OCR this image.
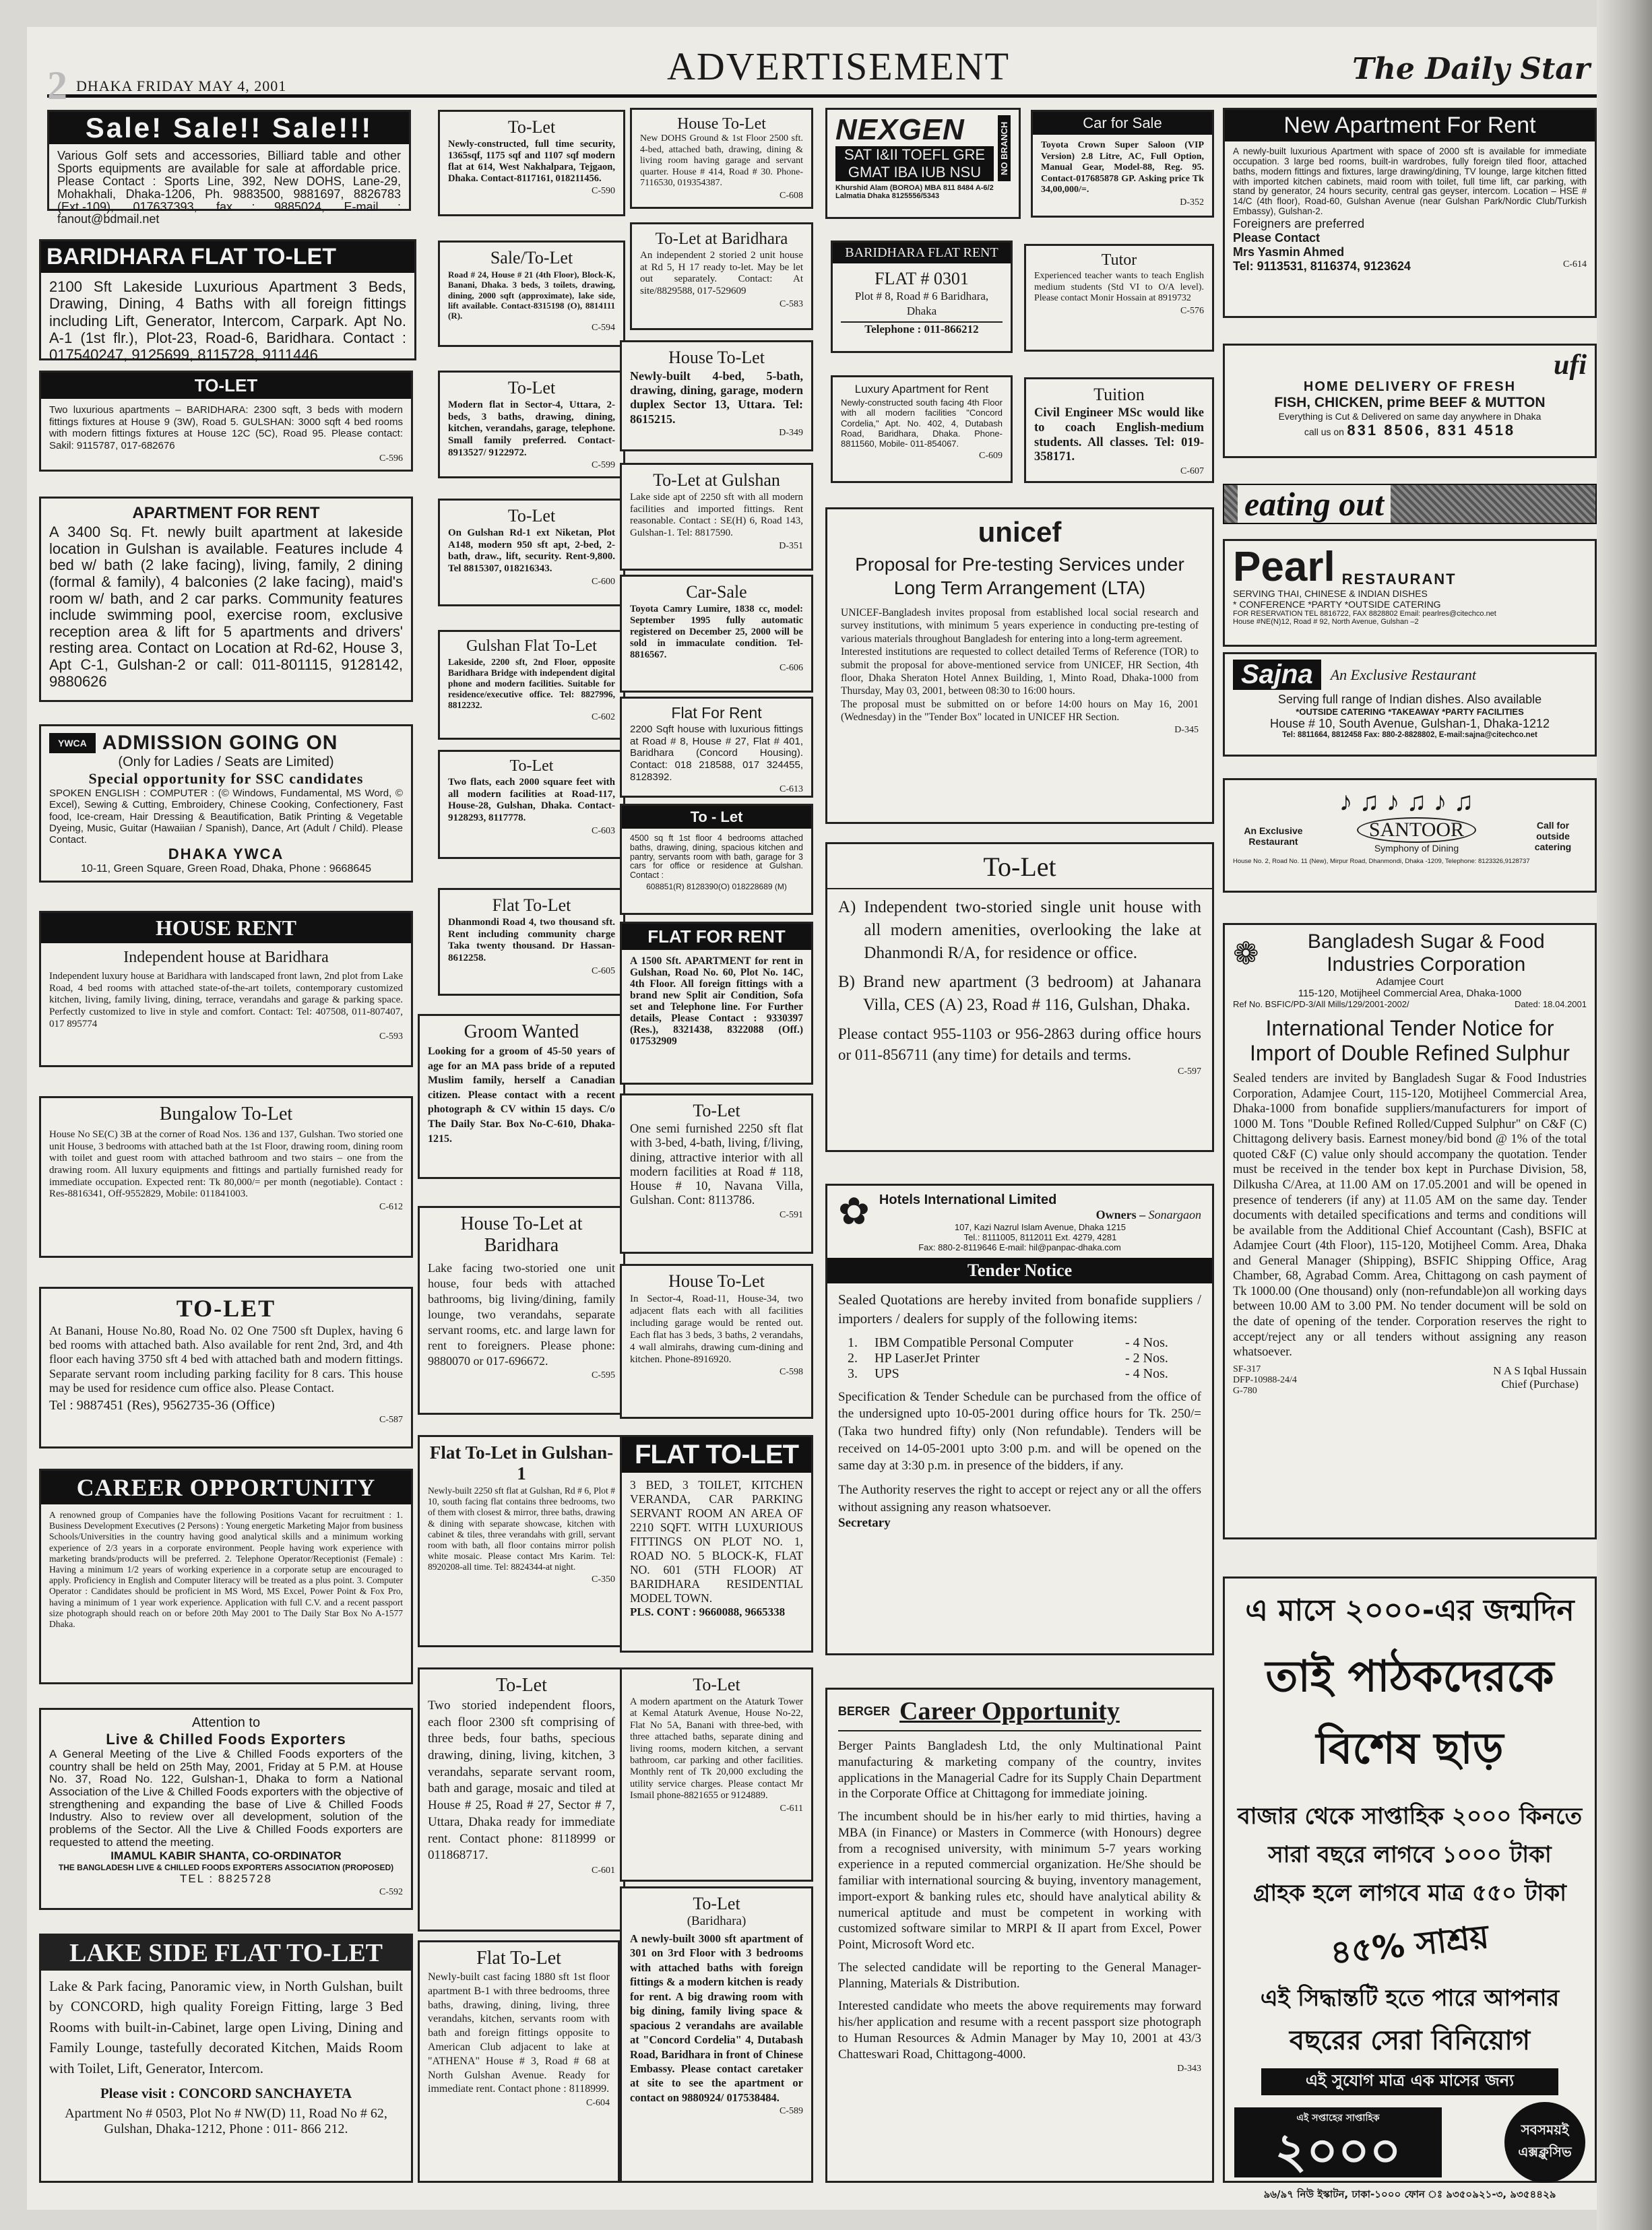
2 DHAKA FRIDAY MAY 4, 2001	ADVERTISEMENT	The Daily Star
Sale! Sale!! Sale!!!
Various Golf sets and accessories, Billiard table and other Sports equipments are available for sale at affordable price. Please Contact : Sports Line, 392, New DOHS, Lane-29, Mohakhali, Dhaka-1206, Ph. 9883500, 9881697, 8826783 (Ext.-109), 017637393, fax : 9885024, E-mail : fanout@bdmail.net
BARIDHARA FLAT TO-LET
2100 Sft Lakeside Luxurious Apartment 3 Beds, Drawing, Dining, 4 Baths with all foreign fittings including Lift, Generator, Intercom, Carpark. Apt No. A-1 (1st flr.), Plot-23, Road-6, Baridhara. Contact : 017540247, 9125699, 8115728, 9111446
TO-LET
Two luxurious apartments – BARIDHARA: 2300 sqft, 3 beds with modern fittings fixtures at House 9 (3W), Road 5. GULSHAN: 3000 sqft 4 bed rooms with modern fittings fixtures at House 12C (5C), Road 95. Please contact: Sakil: 9115787, 017-682676
C-596
APARTMENT FOR RENT
A 3400 Sq. Ft. newly built apartment at lakeside location in Gulshan is available. Features include 4 bed w/ bath (2 lake facing), living, family, 2 dining (formal & family), 4 balconies (2 lake facing), maid's room w/ bath, and 2 car parks. Community features include swimming pool, exercise room, exclusive reception area & lift for 5 apartments and drivers' resting area. Contact on Location at Rd-62, House 3, Apt C-1, Gulshan-2 or call: 011-801115, 9128142, 9880626
YWCA ADMISSION GOING ON
(Only for Ladies / Seats are Limited)
Special opportunity for SSC candidates
SPOKEN ENGLISH : COMPUTER : (© Windows, Fundamental, MS Word, © Excel), Sewing & Cutting, Embroidery, Chinese Cooking, Confectionery, Fast food, Ice-cream, Hair Dressing & Beautification, Batik Printing & Vegetable Dyeing, Music, Guitar (Hawaiian / Spanish), Dance, Art (Adult / Child). Please Contact.
DHAKA YWCA
10-11, Green Square, Green Road, Dhaka, Phone : 9668645
HOUSE RENT
Independent house at Baridhara
Independent luxury house at Baridhara with landscaped front lawn, 2nd plot from Lake Road, 4 bed rooms with attached state-of-the-art toilets, contemporary customized kitchen, living, family living, dining, terrace, verandahs and garage & parking space. Perfectly customized to live in style and comfort. Contact: Tel: 407508, 011-807407, 017 895774
C-593
Bungalow To-Let
House No SE(C) 3B at the corner of Road Nos. 136 and 137, Gulshan. Two storied one unit House, 3 bedrooms with attached bath at the 1st Floor, drawing room, dining room with toilet and guest room with attached bathroom and two stairs – one from the drawing room. All luxury equipments and fittings and partially furnished ready for immediate occupation. Expected rent: Tk 80,000/= per month (negotiable). Contact : Res-8816341, Off-9552829, Mobile: 011841003.
C-612
TO-LET
At Banani, House No.80, Road No. 02 One 7500 sft Duplex, having 6 bed rooms with attached bath. Also available for rent 2nd, 3rd, and 4th floor each having 3750 sft 4 bed with attached bath and modern fittings. Separate servant room including parking facility for 8 cars. This house may be used for residence cum office also. Please Contact.
Tel : 9887451 (Res), 9562735-36 (Office)
C-587
CAREER OPPORTUNITY
A renowned group of Companies have the following Positions Vacant for recruitment : 1. Business Development Executives (2 Persons) : Young energetic Marketing Major from business Schools/Universities in the country having good analytical skills and a minimum working experience of 2/3 years in a corporate environment. People having work experience with marketing brands/products will be preferred. 2. Telephone Operator/Receptionist (Female) : Having a minimum 1/2 years of working experience in a corporate setup are encouraged to apply. Proficiency in English and Computer literacy will be treated as a plus point. 3. Computer Operator : Candidates should be proficient in MS Word, MS Excel, Power Point & Fox Pro, having a minimum of 1 year work experience. Application with full C.V. and a recent passport size photograph should reach on or before 20th May 2001 to The Daily Star Box No A-1577 Dhaka.
Attention to
Live & Chilled Foods Exporters
A General Meeting of the Live & Chilled Foods exporters of the country shall be held on 25th May, 2001, Friday at 5 P.M. at House No. 37, Road No. 122, Gulshan-1, Dhaka to form a National Association of the Live & Chilled Foods exporters with the objective of strengthening and expanding the base of Live & Chilled Foods Industry. Also to review over all development, solution of the problems of the Sector. All the Live & Chilled Foods exporters are requested to attend the meeting.
IMAMUL KABIR SHANTA, CO-ORDINATOR
THE BANGLADESH LIVE & CHILLED FOODS EXPORTERS ASSOCIATION (PROPOSED)
TEL : 8825728
C-592
LAKE SIDE FLAT TO-LET
Lake & Park facing, Panoramic view, in North Gulshan, built by CONCORD, high quality Foreign Fitting, large 3 Bed Rooms with built-in-Cabinet, large open Living, Dining and Family Lounge, tastefully decorated Kitchen, Maids Room with Toilet, Lift, Generator, Intercom.
Please visit : CONCORD SANCHAYETA
Apartment No # 0503, Plot No # NW(D) 11, Road No # 62, Gulshan, Dhaka-1212, Phone : 011- 866 212.
To-Let
Newly-constructed, full time security, 1365sqf, 1175 sqf and 1107 sqf modern flat at 614, West Nakhalpara, Tejgaon, Dhaka. Contact-8117161, 018211456.
C-590
Sale/To-Let
Road # 24, House # 21 (4th Floor), Block-K, Banani, Dhaka. 3 beds, 3 toilets, drawing, dining, 2000 sqft (approximate), lake side, lift available. Contact-8315198 (O), 8814111 (R).
C-594
To-Let
Modern flat in Sector-4, Uttara, 2-beds, 3 baths, drawing, dining, kitchen, verandahs, garage, telephone. Small family preferred. Contact-8913527/ 9122972.
C-599
To-Let
On Gulshan Rd-1 ext Niketan, Plot A148, modern 950 sft apt, 2-bed, 2-bath, draw., lift, security. Rent-9,800. Tel 8815307, 018216343.
C-600
Gulshan Flat To-Let
Lakeside, 2200 sft, 2nd Floor, opposite Baridhara Bridge with independent digital phone and modern facilities. Suitable for residence/executive office. Tel: 8827996, 8812232.
C-602
To-Let
Two flats, each 2000 square feet with all modern facilities at Road-117, House-28, Gulshan, Dhaka. Contact-9128293, 8117778.
C-603
Flat To-Let
Dhanmondi Road 4, two thousand sft. Rent including community charge Taka twenty thousand. Dr Hassan-8612258.
C-605
Groom Wanted
Looking for a groom of 45-50 years of age for an MA pass bride of a reputed Muslim family, herself a Canadian citizen. Please contact with a recent photograph & CV within 15 days. C/o The Daily Star. Box No-C-610, Dhaka-1215.
House To-Let at Baridhara
Lake facing two-storied one unit house, four beds with attached bathrooms, big living/dining, family lounge, two verandahs, separate servant rooms, etc. and large lawn for rent to foreigners. Please phone: 9880070 or 017-696672.
C-595
Flat To-Let in Gulshan-1
Newly-built 2250 sft flat at Gulshan, Rd # 6, Plot # 10, south facing flat contains three bedrooms, two of them with closest & mirror, three baths, drawing & dining with separate showcase, kitchen with cabinet & tiles, three verandahs with grill, servant room with bath, all floor contains mirror polish white mosaic. Please contact Mrs Karim. Tel: 8920208-all time. Tel: 8824344-at night.
C-350
To-Let
Two storied independent floors, each floor 2300 sft comprising of three beds, four baths, specious drawing, dining, living, kitchen, 3 verandahs, separate servant room, bath and garage, mosaic and tiled at House # 25, Road # 27, Sector # 7, Uttara, Dhaka ready for immediate rent. Contact phone: 8118999 or 011868717.
C-601
Flat To-Let
Newly-built cast facing 1880 sft 1st floor apartment B-1 with three bedrooms, three baths, drawing, dining, living, three verandahs, kitchen, servants room with bath and foreign fittings opposite to American Club adjacent to lake at "ATHENA" House # 3, Road # 68 at North Gulshan Avenue. Ready for immediate rent. Contact phone : 8118999.
C-604
House To-Let
New DOHS Ground & 1st Floor 2500 sft. 4-bed, attached bath, drawing, dining & living room having garage and servant quarter. House # 414, Road # 30. Phone-7116530, 019354387.
C-608
To-Let at Baridhara
An independent 2 storied 2 unit house at Rd 5, H 17 ready to-let. May be let out separately. Contact: At site/8829588, 017-529609
C-583
House To-Let
Newly-built 4-bed, 5-bath, drawing, dining, garage, modern duplex Sector 13, Uttara. Tel: 8615215.
D-349
To-Let at Gulshan
Lake side apt of 2250 sft with all modern facilities and imported fittings. Rent reasonable. Contact : SE(H) 6, Road 143, Gulshan-1. Tel: 8817590.
D-351
Car-Sale
Toyota Camry Lumire, 1838 cc, model: September 1995 fully automatic registered on December 25, 2000 will be sold in immaculate condition. Tel-8816567.
C-606
Flat For Rent
2200 Sqft house with luxurious fittings at Road # 8, House # 27, Flat # 401, Baridhara (Concord Housing). Contact: 018 218588, 017 324455, 8128392.
C-613
To - Let
4500 sq ft 1st floor 4 bedrooms attached baths, drawing, dining, spacious kitchen and pantry, servants room with bath, garage for 3 cars for office or residence at Gulshan. Contact :
608851(R) 8128390(O) 018228689 (M)
FLAT FOR RENT
A 1500 Sft. APARTMENT for rent in Gulshan, Road No. 60, Plot No. 14C, 4th Floor. All foreign fittings with a brand new Split air Condition, Sofa set and Telephone line. For Further details, Please Contact : 9330397 (Res.), 8321438, 8322088 (Off.) 017532909
To-Let
One semi furnished 2250 sft flat with 3-bed, 4-bath, living, f/living, dining, attractive interior with all modern facilities at Road # 118, House # 10, Navana Villa, Gulshan. Cont: 8113786.
C-591
House To-Let
In Sector-4, Road-11, House-34, two adjacent flats each with all facilities including garage would be rented out. Each flat has 3 beds, 3 baths, 2 verandahs, 4 wall almirahs, drawing cum-dining and kitchen. Phone-8916920.
C-598
FLAT TO-LET
3 BED, 3 TOILET, KITCHEN VERANDA, CAR PARKING SERVANT ROOM AN AREA OF 2210 SQFT. WITH LUXURIOUS FITTINGS ON PLOT NO. 1, ROAD NO. 5 BLOCK-K, FLAT NO. 601 (5TH FLOOR) AT BARIDHARA RESIDENTIAL MODEL TOWN.
PLS. CONT : 9660088, 9665338
To-Let
A modern apartment on the Ataturk Tower at Kemal Ataturk Avenue, House No-22, Flat No 5A, Banani with three-bed, with three attached baths, separate dining and living rooms, modern kitchen, a servant bathroom, car parking and other facilities. Monthly rent of Tk 20,000 excluding the utility service charges. Please contact Mr Ismail phone-8821655 or 9124889.
C-611
To-Let
(Baridhara)
A newly-built 3000 sft apartment of 301 on 3rd Floor with 3 bedrooms with attached baths with foreign fittings & a modern kitchen is ready for rent. A big drawing room with big dining, family living space & spacious 2 verandahs are available at "Concord Cordelia" 4, Dutabash Road, Baridhara in front of Chinese Embassy. Please contact caretaker at site to see the apartment or contact on 9880924/ 017538484.
C-589
NEXGEN
SAT I&II TOEFL GRE
GMAT IBA IUB NSU	NO BRANCH
Khurshid Alam (BOROA) MBA 811 8484 A-6/2 Lalmatia Dhaka 8125556/5343
Car for Sale
Toyota Crown Super Saloon (VIP Version) 2.8 Litre, AC, Full Option, Manual Gear, Model-88, Reg. 95. Contact-017685878 GP. Asking price Tk 34,00,000/=.
D-352
BARIDHARA FLAT RENT
FLAT # 0301
Plot # 8, Road # 6 Baridhara, Dhaka
Telephone : 011-866212
Tutor
Experienced teacher wants to teach English medium students (Std VI to O/A level). Please contact Monir Hossain at 8919732
C-576
Luxury Apartment for Rent
Newly-constructed south facing 4th Floor with all modern facilities "Concord Cordelia," Apt. No. 402, 4, Dutabash Road, Baridhara, Dhaka. Phone-8811560, Mobile- 011-854067.
C-609
Tuition
Civil Engineer MSc would like to coach English-medium students. All classes. Tel: 019-358171.
C-607
unicef
Proposal for Pre-testing Services under Long Term Arrangement (LTA)
UNICEF-Bangladesh invites proposal from established local social research and survey institutions, with minimum 5 years experience in conducting pre-testing of various materials throughout Bangladesh for entering into a long-term agreement.
Interested institutions are requested to collect detailed Terms of Reference (TOR) to submit the proposal for above-mentioned service from UNICEF, HR Section, 4th floor, Dhaka Sheraton Hotel Annex Building, 1, Minto Road, Dhaka-1000 from Thursday, May 03, 2001, between 08:30 to 16:00 hours.
The proposal must be submitted on or before 14:00 hours on May 16, 2001 (Wednesday) in the "Tender Box" located in UNICEF HR Section.
D-345
To-Let
A) Independent two-storied single unit house with all modern amenities, overlooking the lake at Dhanmondi R/A, for residence or office.
B) Brand new apartment (3 bedroom) at Jahanara Villa, CES (A) 23, Road # 116, Gulshan, Dhaka.
Please contact 955-1103 or 956-2863 during office hours or 011-856711 (any time) for details and terms.
C-597
✿ Hotels International Limited
Owners – Sonargaon
107, Kazi Nazrul Islam Avenue, Dhaka 1215
Tel.: 8111005, 8112011 Ext. 4279, 4281
Fax: 880-2-8119646 E-mail: hil@panpac-dhaka.com
Tender Notice
Sealed Quotations are hereby invited from bonafide suppliers / importers / dealers for supply of the following items:
1.	IBM Compatible Personal Computer	- 4 Nos.
2.	HP LaserJet Printer	- 2 Nos.
3.	UPS	- 4 Nos.
Specification & Tender Schedule can be purchased from the office of the undersigned upto 10-05-2001 during office hours for Tk. 250/= (Taka two hundred fifty) only (Non refundable). Tenders will be received on 14-05-2001 upto 3:00 p.m. and will be opened on the same day at 3:30 p.m. in presence of the bidders, if any.
The Authority reserves the right to accept or reject any or all the offers without assigning any reason whatsoever.
Secretary
BERGER Career Opportunity
Berger Paints Bangladesh Ltd, the only Multinational Paint manufacturing & marketing company of the country, invites applications in the Managerial Cadre for its Supply Chain Department in the Corporate Office at Chittagong for immediate joining.
The incumbent should be in his/her early to mid thirties, having a MBA (in Finance) or Masters in Commerce (with Honours) degree from a recognised university, with minimum 5-7 years working experience in a reputed commercial organization. He/She should be familiar with international sourcing & buying, inventory management, import-export & banking rules etc, should have analytical ability & numerical aptitude and must be competent in working with customized software similar to MRPI & II apart from Excel, Power Point, Microsoft Word etc.
The selected candidate will be reporting to the General Manager-Planning, Materials & Distribution.
Interested candidate who meets the above requirements may forward his/her application and resume with a recent passport size photograph to Human Resources & Admin Manager by May 10, 2001 at 43/3 Chatteswari Road, Chittagong-4000.
D-343
New Apartment For Rent
A newly-built luxurious Apartment with space of 2000 sft is available for immediate occupation. 3 large bed rooms, built-in wardrobes, fully foreign tiled floor, attached baths, modern fittings and fixtures, large drawing/dining, TV lounge, large kitchen fitted with imported kitchen cabinets, maid room with toilet, full time lift, car parking, with stand by generator, 24 hours security, central gas geyser, intercom. Location – HSE # 14/C (4th floor), Road-60, Gulshan Avenue (near Gulshan Park/Nordic Club/Turkish Embassy), Gulshan-2.
Foreigners are preferred
Please Contact
Mrs Yasmin Ahmed
Tel: 9113531, 8116374, 9123624	C-614
ufi
HOME DELIVERY OF FRESH
FISH, CHICKEN, prime BEEF & MUTTON
Everything is Cut & Delivered on same day anywhere in Dhaka
call us on 831 8506, 831 4518
eating out
Pearl RESTAURANT
SERVING THAI, CHINESE & INDIAN DISHES
* CONFERENCE *PARTY *OUTSIDE CATERING
FOR RESERVATION TEL 8816722, FAX 8828802 Email: pearlres@citechco.net
House #NE(N)12, Road # 92, North Avenue, Gulshan –2
Sajna	An Exclusive Restaurant
Serving full range of Indian dishes. Also available
*OUTSIDE CATERING *TAKEAWAY *PARTY FACILITIES
House # 10, South Avenue, Gulshan-1, Dhaka-1212
Tel: 8811664, 8812458 Fax: 880-2-8828802, E-mail:sajna@citechco.net
♪♫♪♫♪♫
An Exclusive Restaurant
SANTOOR
Symphony of Dining
Call for outside catering
House No. 2, Road No. 11 (New), Mirpur Road, Dhanmondi, Dhaka -1209, Telephone: 8123326,9128737
❁	Bangladesh Sugar & Food
Industries Corporation
Adamjee Court
115-120, Motijheel Commercial Area, Dhaka-1000
Ref No. BSFIC/PD-3/All Mills/129/2001-2002/	Dated: 18.04.2001
International Tender Notice for
Import of Double Refined Sulphur
Sealed tenders are invited by Bangladesh Sugar & Food Industries Corporation, Adamjee Court, 115-120, Motijheel Commercial Area, Dhaka-1000 from bonafide suppliers/manufacturers for import of 1000 M. Tons "Double Refined Rolled/Cupped Sulphur" on C&F (C) Chittagong delivery basis. Earnest money/bid bond @ 1% of the total quoted C&F (C) value only should accompany the quotation. Tender must be received in the tender box kept in Purchase Division, 58, Dilkusha C/Area, at 11.00 AM on 17.05.2001 and will be opened in presence of tenderers (if any) at 11.05 AM on the same day. Tender documents with detailed specifications and terms and conditions will be available from the Additional Chief Accountant (Cash), BSFIC at Adamjee Court (4th Floor), 115-120, Motijheel Comm. Area, Dhaka and General Manager (Shipping), BSFIC Shipping Office, Arag Chamber, 68, Agrabad Comm. Area, Chittagong on cash payment of Tk 1000.00 (One thousand) only (non-refundable)on all working days between 10.00 AM to 3.00 PM. No tender document will be sold on the date of opening of the tender. Corporation reserves the right to accept/reject any or all tenders without assigning any reason whatsoever.
SF-317
DFP-10988-24/4
G-780
N A S Iqbal Hussain
Chief (Purchase)
এ মাসে ২০০০-এর জন্মদিন
তাই পাঠকদেরকে
বিশেষ ছাড়
বাজার থেকে সাপ্তাহিক ২০০০ কিনতে
সারা বছরে লাগবে ১০০০ টাকা
গ্রাহক হলে লাগবে মাত্র ৫৫০ টাকা
৪৫% সাশ্রয়
এই সিদ্ধান্তটি হতে পারে আপনার
বছরের সেরা বিনিয়োগ
এই সুযোগ মাত্র এক মাসের জন্য
এই সপ্তাহের সাপ্তাহিক
২০০০	সবসময়ই এক্সক্লুসিভ
৯৬/৯৭ নিউ ইস্কাটন, ঢাকা-১০০০ ফোন ঃ ৯৩৫০৯২১-৩, ৯৩৫৪৪২৯
